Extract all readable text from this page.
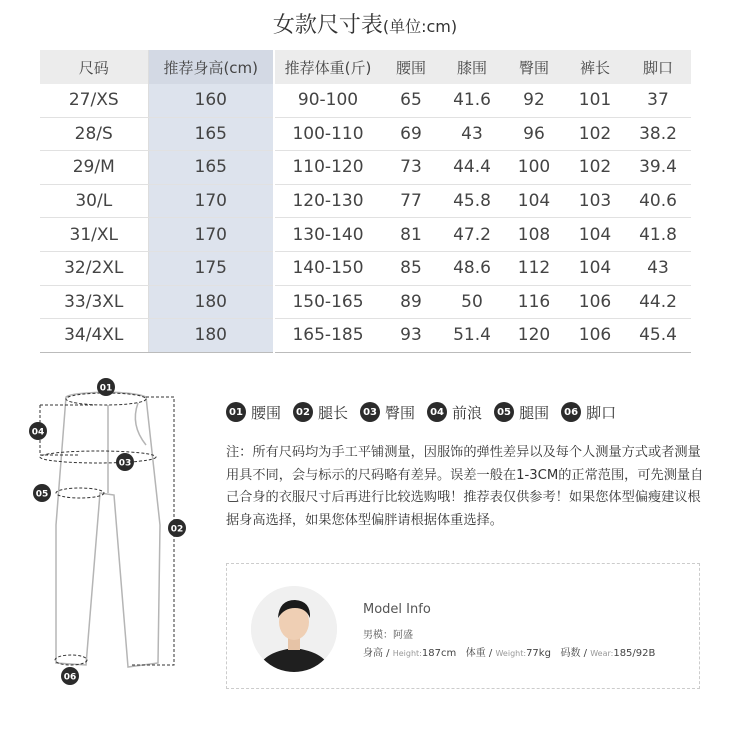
女款尺寸表(单位:cm)
尺码	推荐身高(cm)	推荐体重(斤)	腰围	膝围	臀围	裤长	脚口
27/XS	160	90-100	65	41.6	92	101	37
28/S	165	100-110	69	43	96	102	38.2
29/M	165	110-120	73	44.4	100	102	39.4
30/L	170	120-130	77	45.8	104	103	40.6
31/XL	170	130-140	81	47.2	108	104	41.8
32/2XL	175	140-150	85	48.6	112	104	43
33/3XL	180	150-165	89	50	116	106	44.2
34/4XL	180	165-185	93	51.4	120	106	45.4
01
02
03
04
05
06
01 腰围	02 腿长	03 臀围	04 前浪	05 腿围	06 脚口

注：所有尺码均为手工平铺测量，因服饰的弹性差异以及每个人测量方式或者测量用具不同，会与标示的尺码略有差异。误差一般在1-3CM的正常范围，可先测量自己合身的衣服尺寸后再进行比较选购哦！推荐表仅供参考！如果您体型偏瘦建议根据身高选择，如果您体型偏胖请根据体重选择。

Model Info
男模：阿盛
身高 / Height:187cm 体重 / Weight:77kg 码数 / Wear:185/92B
